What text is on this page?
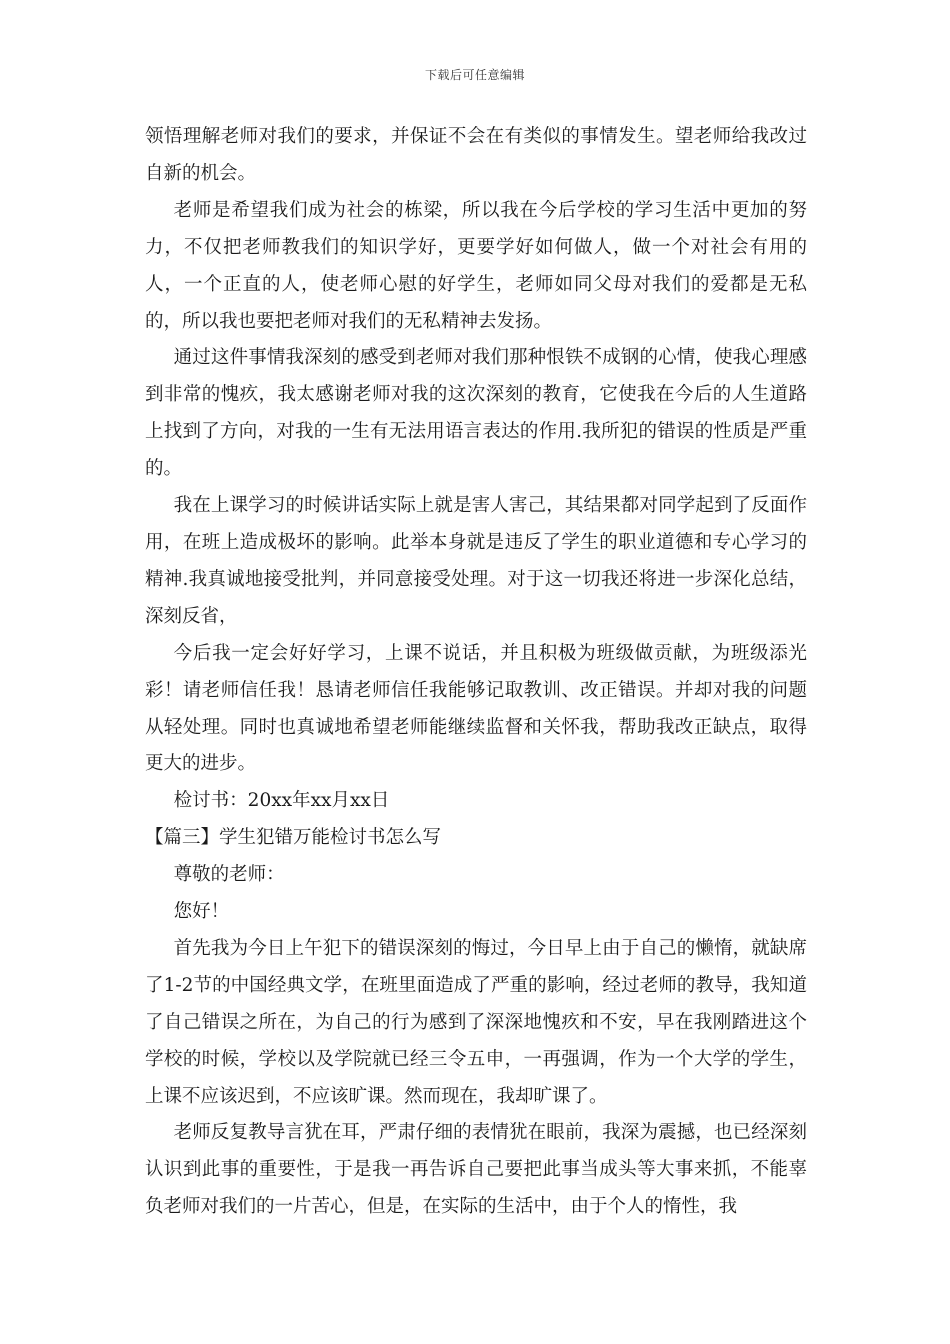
下载后可任意编辑

领悟理解老师对我们的要求，并保证不会在有类似的事情发生。望老师给我改过自新的机会。

老师是希望我们成为社会的栋梁，所以我在今后学校的学习生活中更加的努力，不仅把老师教我们的知识学好，更要学好如何做人，做一个对社会有用的人，一个正直的人，使老师心慰的好学生，老师如同父母对我们的爱都是无私的，所以我也要把老师对我们的无私精神去发扬。

通过这件事情我深刻的感受到老师对我们那种恨铁不成钢的心情，使我心理感到非常的愧疚，我太感谢老师对我的这次深刻的教育，它使我在今后的人生道路上找到了方向，对我的一生有无法用语言表达的作用.我所犯的错误的性质是严重的。

我在上课学习的时候讲话实际上就是害人害己，其结果都对同学起到了反面作用，在班上造成极坏的影响。此举本身就是违反了学生的职业道德和专心学习的精神.我真诚地接受批判，并同意接受处理。对于这一切我还将进一步深化总结，深刻反省，

今后我一定会好好学习，上课不说话，并且积极为班级做贡献，为班级添光彩！请老师信任我！恳请老师信任我能够记取教训、改正错误。并却对我的问题从轻处理。同时也真诚地希望老师能继续监督和关怀我，帮助我改正缺点，取得更大的进步。

检讨书：20xx年xx月xx日

【篇三】学生犯错万能检讨书怎么写

尊敬的老师：

您好！

首先我为今日上午犯下的错误深刻的悔过，今日早上由于自己的懒惰，就缺席了1-2节的中国经典文学，在班里面造成了严重的影响，经过老师的教导，我知道了自己错误之所在，为自己的行为感到了深深地愧疚和不安，早在我刚踏进这个学校的时候，学校以及学院就已经三令五申，一再强调，作为一个大学的学生，上课不应该迟到，不应该旷课。然而现在，我却旷课了。

老师反复教导言犹在耳，严肃仔细的表情犹在眼前，我深为震撼，也已经深刻认识到此事的重要性，于是我一再告诉自己要把此事当成头等大事来抓，不能辜负老师对我们的一片苦心，但是，在实际的生活中，由于个人的惰性，我
